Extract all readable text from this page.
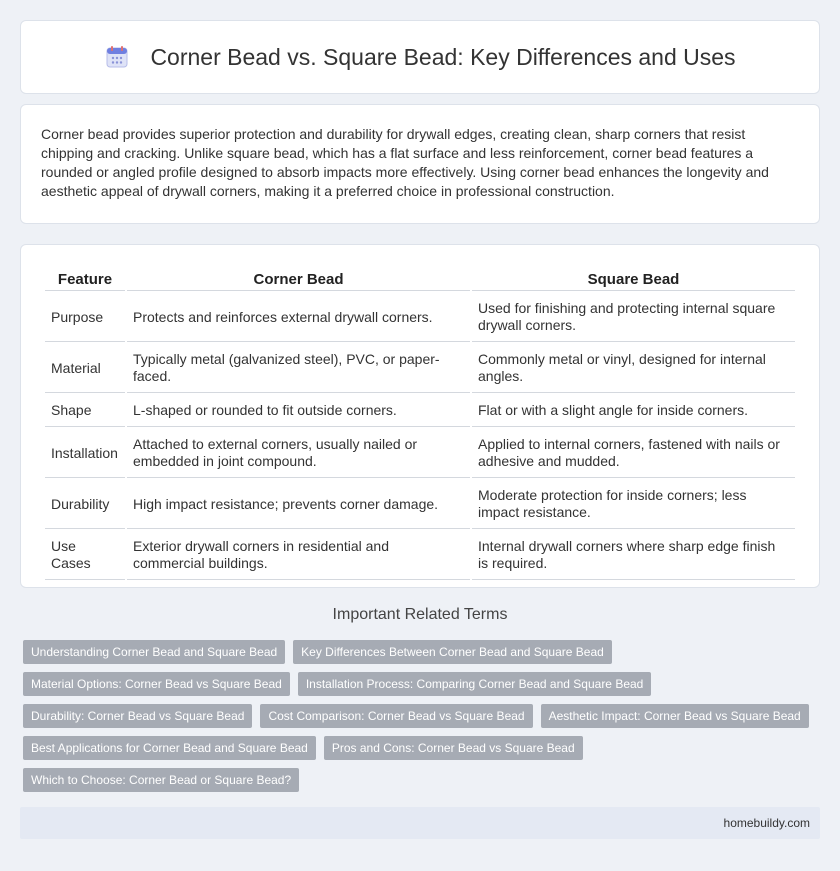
Corner Bead vs. Square Bead: Key Differences and Uses

Corner bead provides superior protection and durability for drywall edges, creating clean, sharp corners that resist chipping and cracking. Unlike square bead, which has a flat surface and less reinforcement, corner bead features a rounded or angled profile designed to absorb impacts more effectively. Using corner bead enhances the longevity and aesthetic appeal of drywall corners, making it a preferred choice in professional construction.

Feature	Corner Bead	Square Bead
Purpose	Protects and reinforces external drywall corners.	Used for finishing and protecting internal square drywall corners.
Material	Typically metal (galvanized steel), PVC, or paper-faced.	Commonly metal or vinyl, designed for internal angles.
Shape	L-shaped or rounded to fit outside corners.	Flat or with a slight angle for inside corners.
Installation	Attached to external corners, usually nailed or embedded in joint compound.	Applied to internal corners, fastened with nails or adhesive and mudded.
Durability	High impact resistance; prevents corner damage.	Moderate protection for inside corners; less impact resistance.
Use Cases	Exterior drywall corners in residential and commercial buildings.	Internal drywall corners where sharp edge finish is required.
Important Related Terms
Understanding Corner Bead and Square Bead	Key Differences Between Corner Bead and Square Bead
Material Options: Corner Bead vs Square Bead	Installation Process: Comparing Corner Bead and Square Bead
Durability: Corner Bead vs Square Bead	Cost Comparison: Corner Bead vs Square Bead	Aesthetic Impact: Corner Bead vs Square Bead
Best Applications for Corner Bead and Square Bead	Pros and Cons: Corner Bead vs Square Bead
Which to Choose: Corner Bead or Square Bead?
homebuildy.com
